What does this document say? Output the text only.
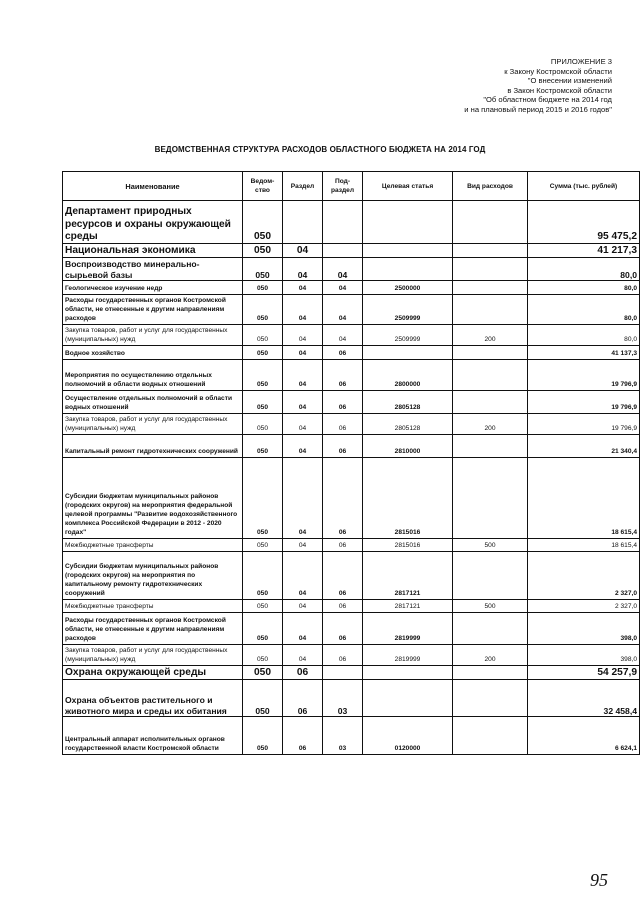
ПРИЛОЖЕНИЕ 3
к Закону Костромской области
"О внесении изменений
в Закон Костромской области
"Об областном бюджете на 2014 год
и на плановый период 2015 и 2016 годов"
ВЕДОМСТВЕННАЯ СТРУКТУРА РАСХОДОВ ОБЛАСТНОГО БЮДЖЕТА НА 2014 ГОД
Наименование	Ведом-ство	Раздел	Под-раздел	Целевая статья	Вид расходов	Сумма (тыс. рублей)
Департамент природных ресурсов и охраны окружающей среды	050					95 475,2
Национальная экономика	050	04				41 217,3
Воспроизводство минерально-сырьевой базы	050	04	04			80,0
Геологическое изучение недр	050	04	04	2500000		80,0
Расходы государственных органов Костромской области, не отнесенные к другим направлениям расходов	050	04	04	2509999		80,0
Закупка товаров, работ и услуг для государственных (муниципальных) нужд	050	04	04	2509999	200	80,0
Водное хозяйство	050	04	06			41 137,3
Мероприятия по осуществлению отдельных полномочий в области водных отношений	050	04	06	2800000		19 796,9
Осуществление отдельных полномочий в области водных отношений	050	04	06	2805128		19 796,9
Закупка товаров, работ и услуг для государственных (муниципальных) нужд	050	04	06	2805128	200	19 796,9
Капитальный ремонт гидротехнических сооружений	050	04	06	2810000		21 340,4
Субсидии бюджетам муниципальных районов (городских округов) на мероприятия федеральной целевой программы "Развитие водохозяйственного комплекса Российской Федерации в 2012 - 2020 годах"	050	04	06	2815016		18 615,4
Межбюджетные трансферты	050	04	06	2815016	500	18 615,4
Субсидии бюджетам муниципальных районов (городских округов) на мероприятия по капитальному ремонту гидротехнических сооружений	050	04	06	2817121		2 327,0
Межбюджетные трансферты	050	04	06	2817121	500	2 327,0
Расходы государственных органов Костромской области, не отнесенные к другим направлениям расходов	050	04	06	2819999		398,0
Закупка товаров, работ и услуг для государственных (муниципальных) нужд	050	04	06	2819999	200	398,0
Охрана окружающей среды	050	06				54 257,9
Охрана объектов растительного и животного мира и среды их обитания	050	06	03			32 458,4
Центральный аппарат исполнительных органов государственной власти Костромской области	050	06	03	0120000		6 624,1
95
